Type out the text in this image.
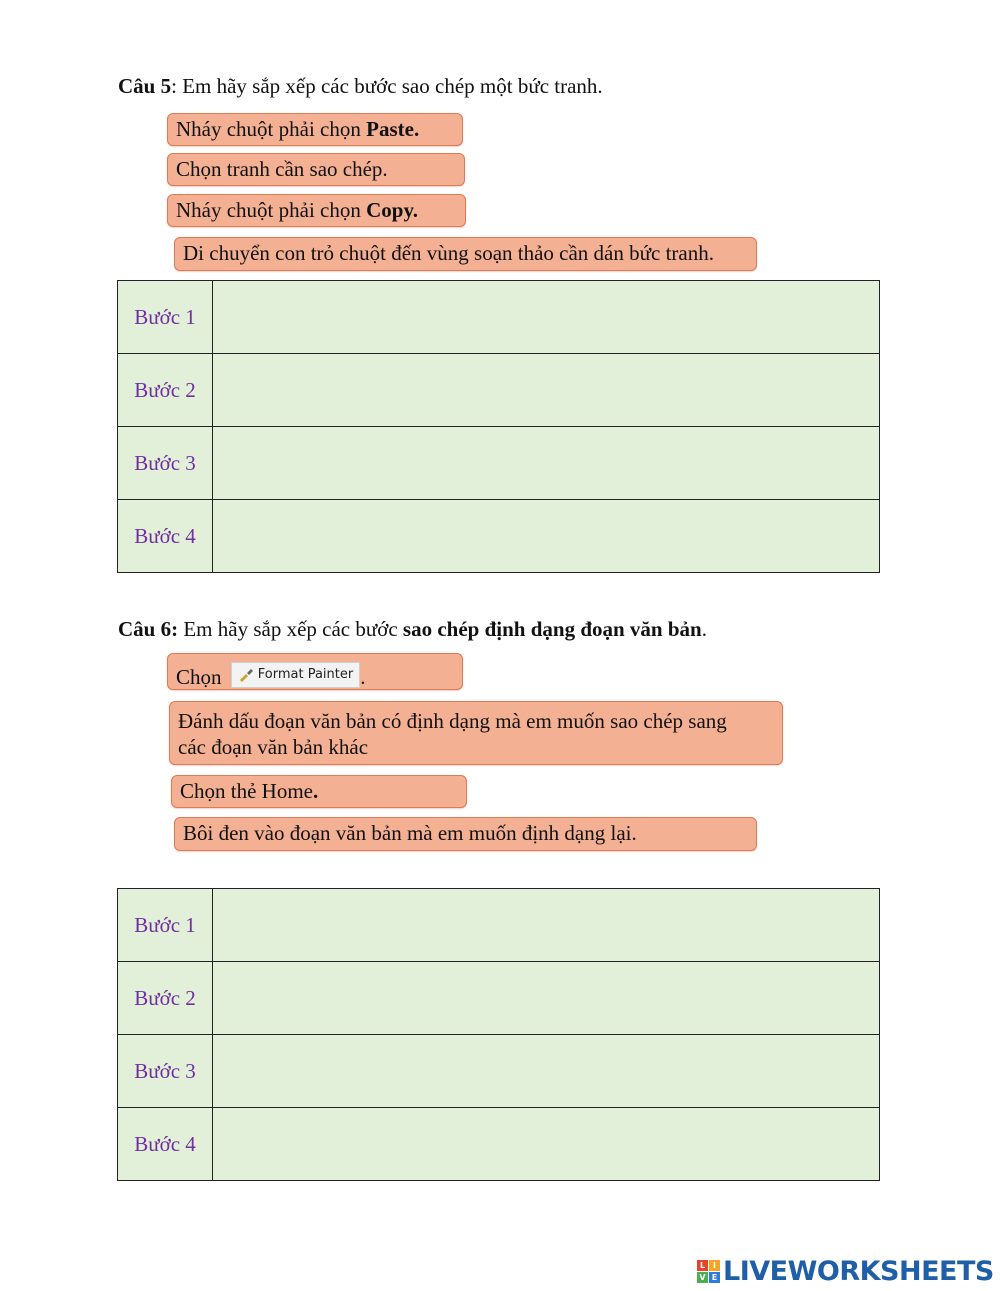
Câu 5: Em hãy sắp xếp các bước sao chép một bức tranh.
Nháy chuột phải chọn Paste.
Chọn tranh cần sao chép.
Nháy chuột phải chọn Copy.
Di chuyển con trỏ chuột đến vùng soạn thảo cần dán bức tranh.
Bước 1	
Bước 2	
Bước 3	
Bước 4	
Câu 6: Em hãy sắp xếp các bước sao chép định dạng đoạn văn bản.
Chọn	Format Painter .
Đánh dấu đoạn văn bản có định dạng mà em muốn sao chép sang
các đoạn văn bản khác
Chọn thẻ Home.
Bôi đen vào đoạn văn bản mà em muốn định dạng lại.
Bước 1	
Bước 2	
Bước 3	
Bước 4	
L I
V E LIVEWORKSHEETS
